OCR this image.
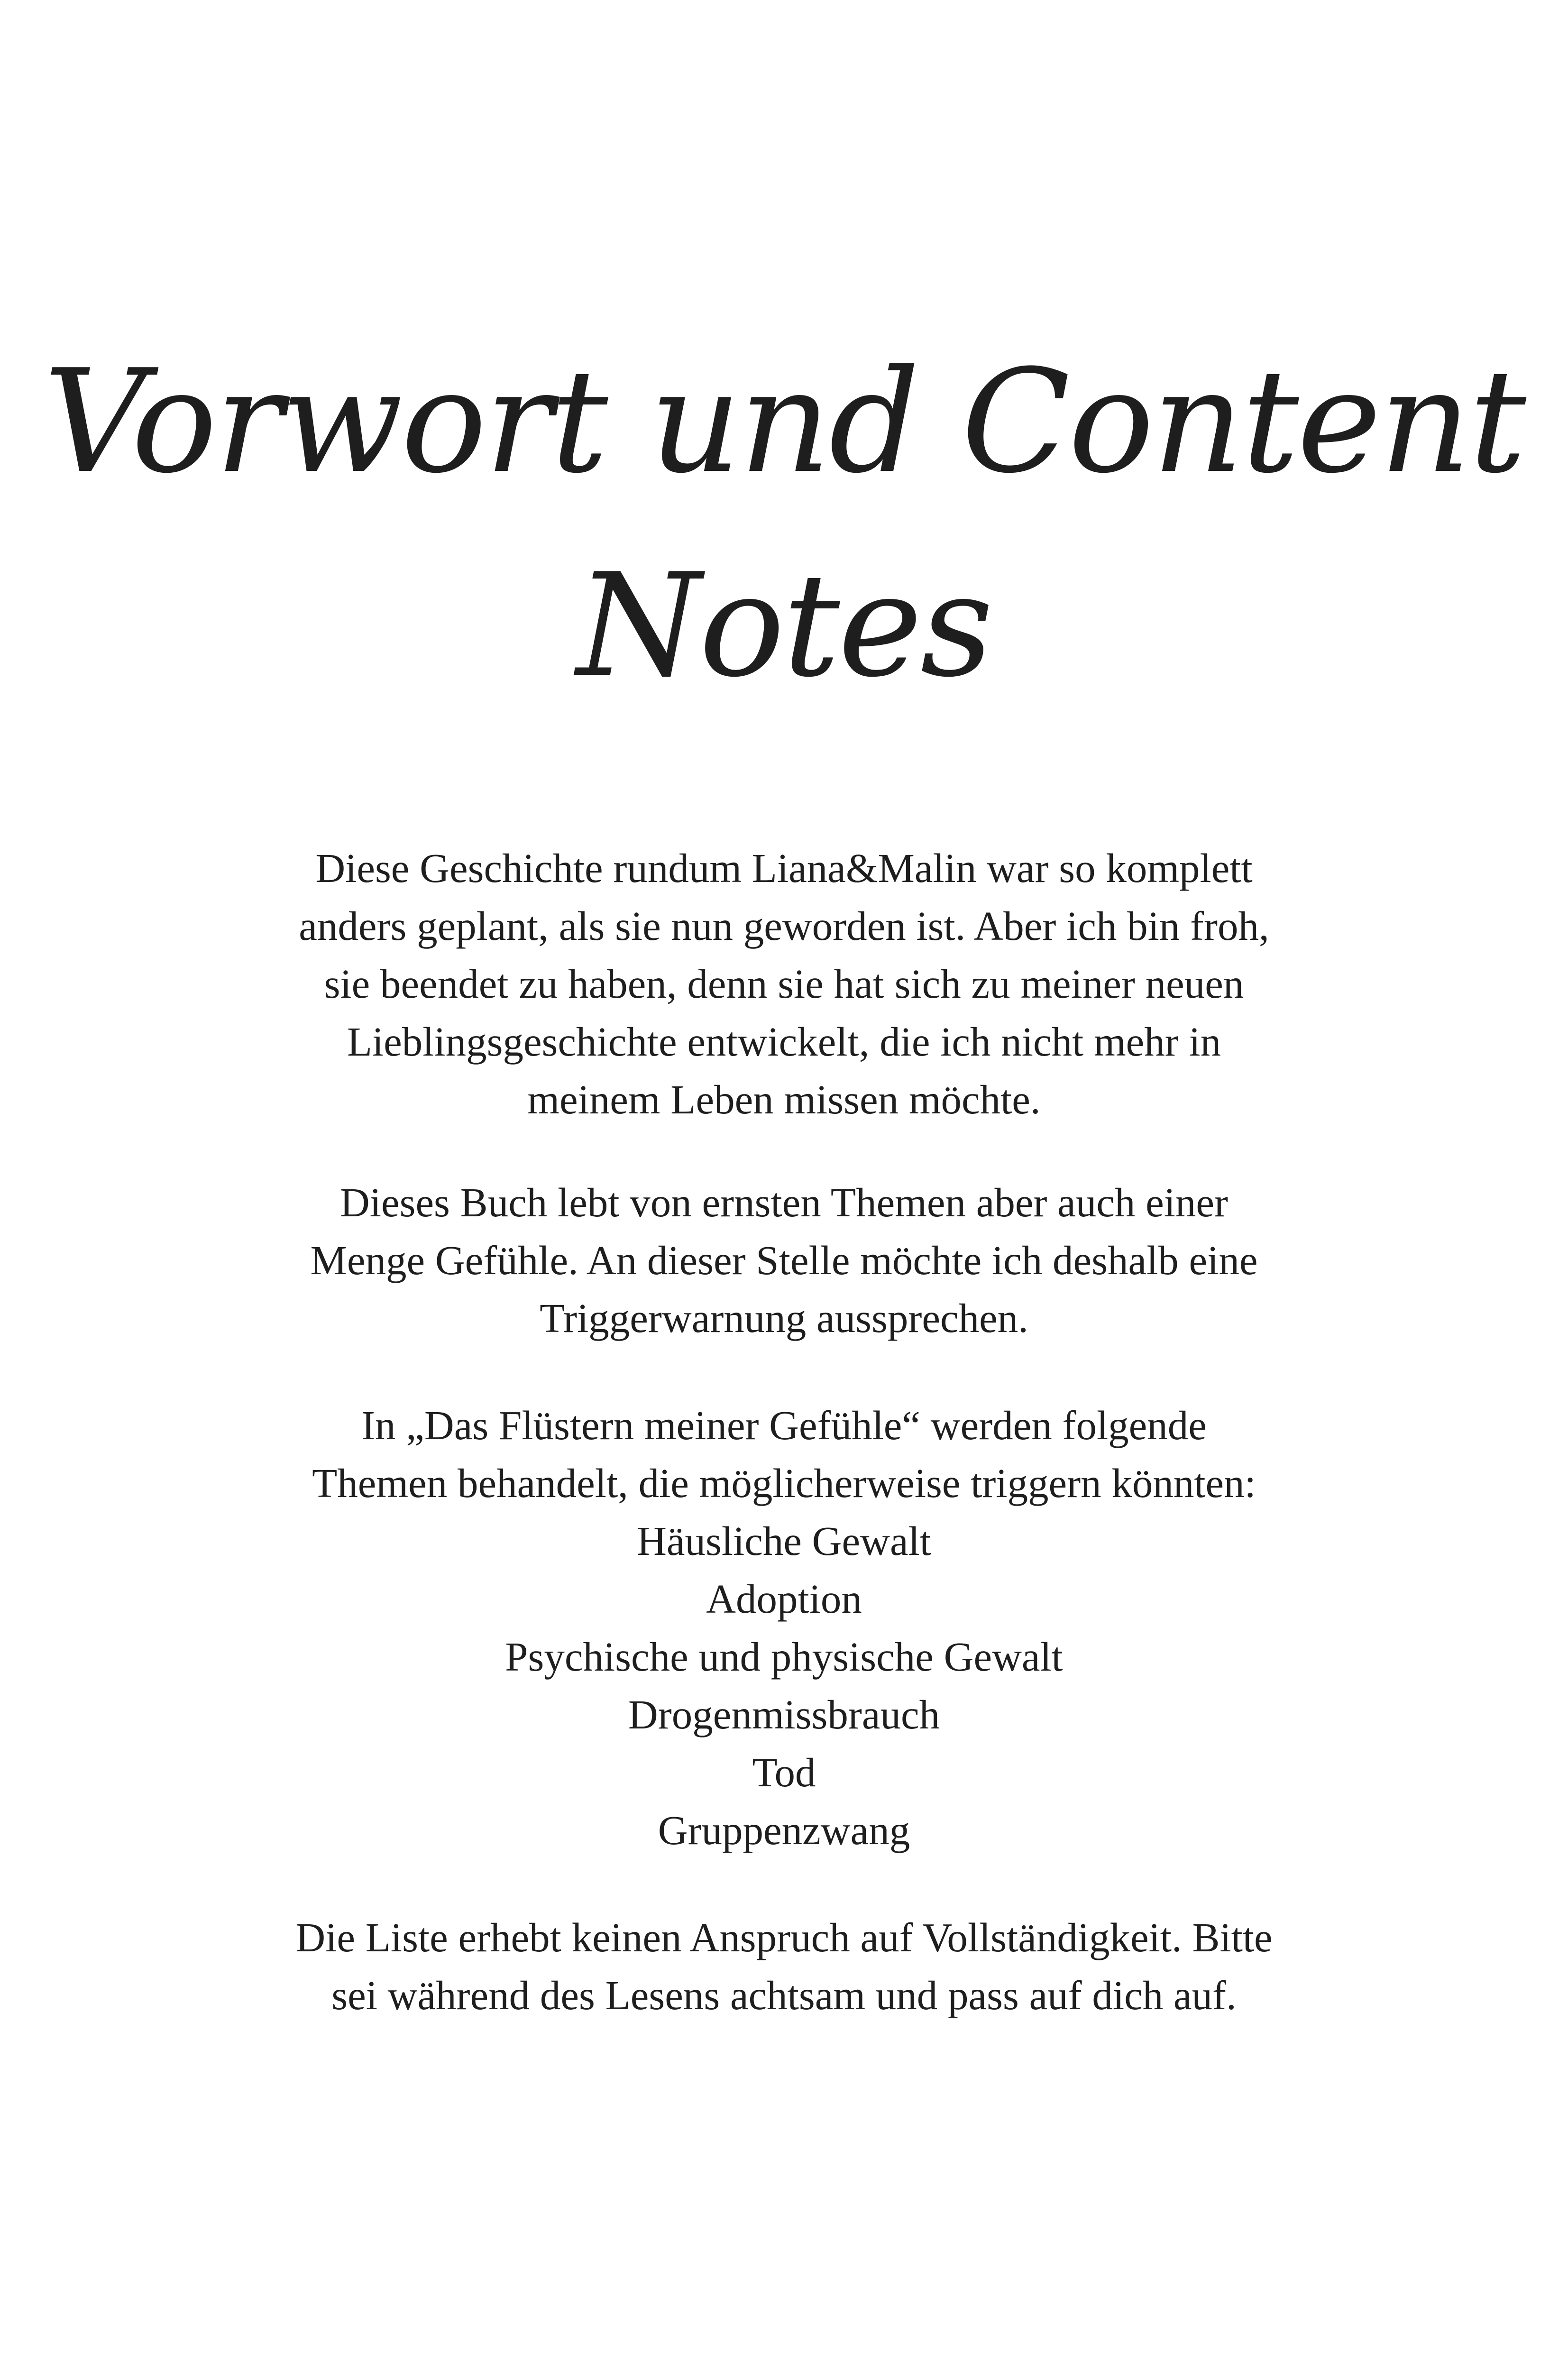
Vorwort und Content
Notes
Diese Geschichte rundum Liana&Malin war so komplett
anders geplant, als sie nun geworden ist. Aber ich bin froh,
sie beendet zu haben, denn sie hat sich zu meiner neuen
Lieblingsgeschichte entwickelt, die ich nicht mehr in
meinem Leben missen möchte.
Dieses Buch lebt von ernsten Themen aber auch einer
Menge Gefühle. An dieser Stelle möchte ich deshalb eine
Triggerwarnung aussprechen.
In „Das Flüstern meiner Gefühle“ werden folgende
Themen behandelt, die möglicherweise triggern könnten:
Häusliche Gewalt
Adoption
Psychische und physische Gewalt
Drogenmissbrauch
Tod
Gruppenzwang
Die Liste erhebt keinen Anspruch auf Vollständigkeit. Bitte
sei während des Lesens achtsam und pass auf dich auf.
